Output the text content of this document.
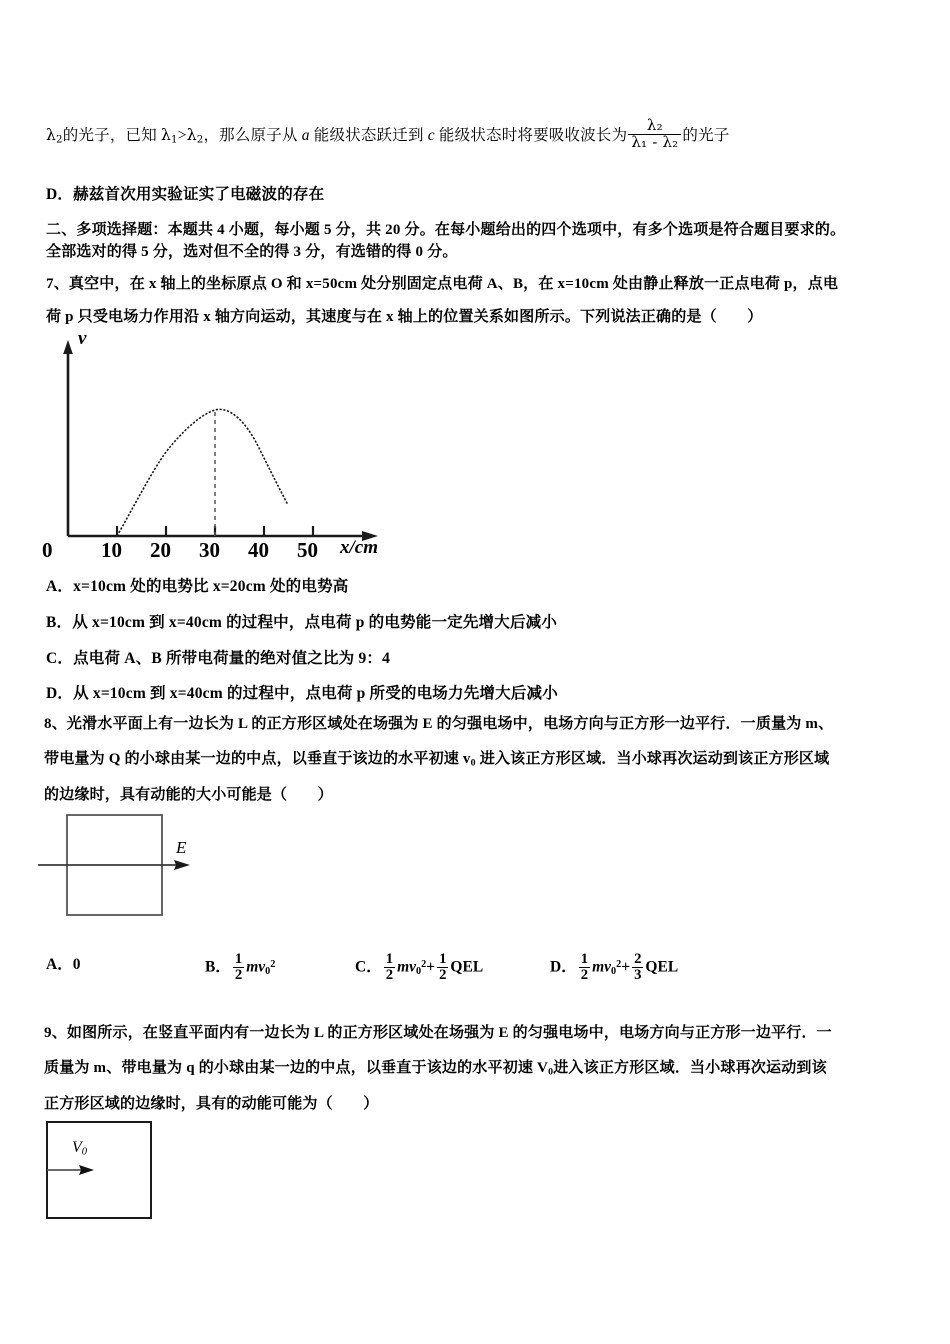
$\lambda_2$的光子，已知 $\lambda_1>\lambda_2$，那么原子从 a 能级状态跃迁到 c 能级状态时将要吸收波长为 $\frac{\text{λ₂}}{\text{λ₁ - λ₂}}$ 的光子
D．赫兹首次用实验证实了电磁波的存在
二、多项选择题：本题共 4 小题，每小题 5 分，共 20 分。在每小题给出的四个选项中，有多个选项是符合题目要求的。
全部选对的得 5 分，选对但不全的得 3 分，有选错的得 0 分。
7、真空中，在 x 轴上的坐标原点 O 和 x=50cm 处分别固定点电荷 A、B，在 x=10cm 处由静止释放一正点电荷 p，点电
荷 p 只受电场力作用沿 x 轴方向运动，其速度与在 x 轴上的位置关系如图所示。下列说法正确的是（　　）
v
0 10 20 30 40 50 x/cm
A．x=10cm 处的电势比 x=20cm 处的电势高
B．从 x=10cm 到 x=40cm 的过程中，点电荷 p 的电势能一定先增大后减小
C．点电荷 A、B 所带电荷量的绝对值之比为 9：4
D．从 x=10cm 到 x=40cm 的过程中，点电荷 p 所受的电场力先增大后减小
8、光滑水平面上有一边长为 L 的正方形区域处在场强为 E 的匀强电场中，电场方向与正方形一边平行．一质量为 m、
带电量为 Q 的小球由某一边的中点，以垂直于该边的水平初速 $v_0$ 进入该正方形区域．当小球再次运动到该正方形区域
的边缘时，具有动能的大小可能是（　　）
E
A．0	B． $\frac{1}{2} mv_0^2$	C． $\frac{1}{2} mv_0^2+ \frac{1}{2}$ QEL	D． $\frac{1}{2} mv_0^2+ \frac{2}{3}$ QEL
9、如图所示，在竖直平面内有一边长为 L 的正方形区域处在场强为 E 的匀强电场中，电场方向与正方形一边平行．一
质量为 m、带电量为 q 的小球由某一边的中点，以垂直于该边的水平初速 $V_0$进入该正方形区域．当小球再次运动到该
正方形区域的边缘时，具有的动能可能为（　　）
$V_0$
